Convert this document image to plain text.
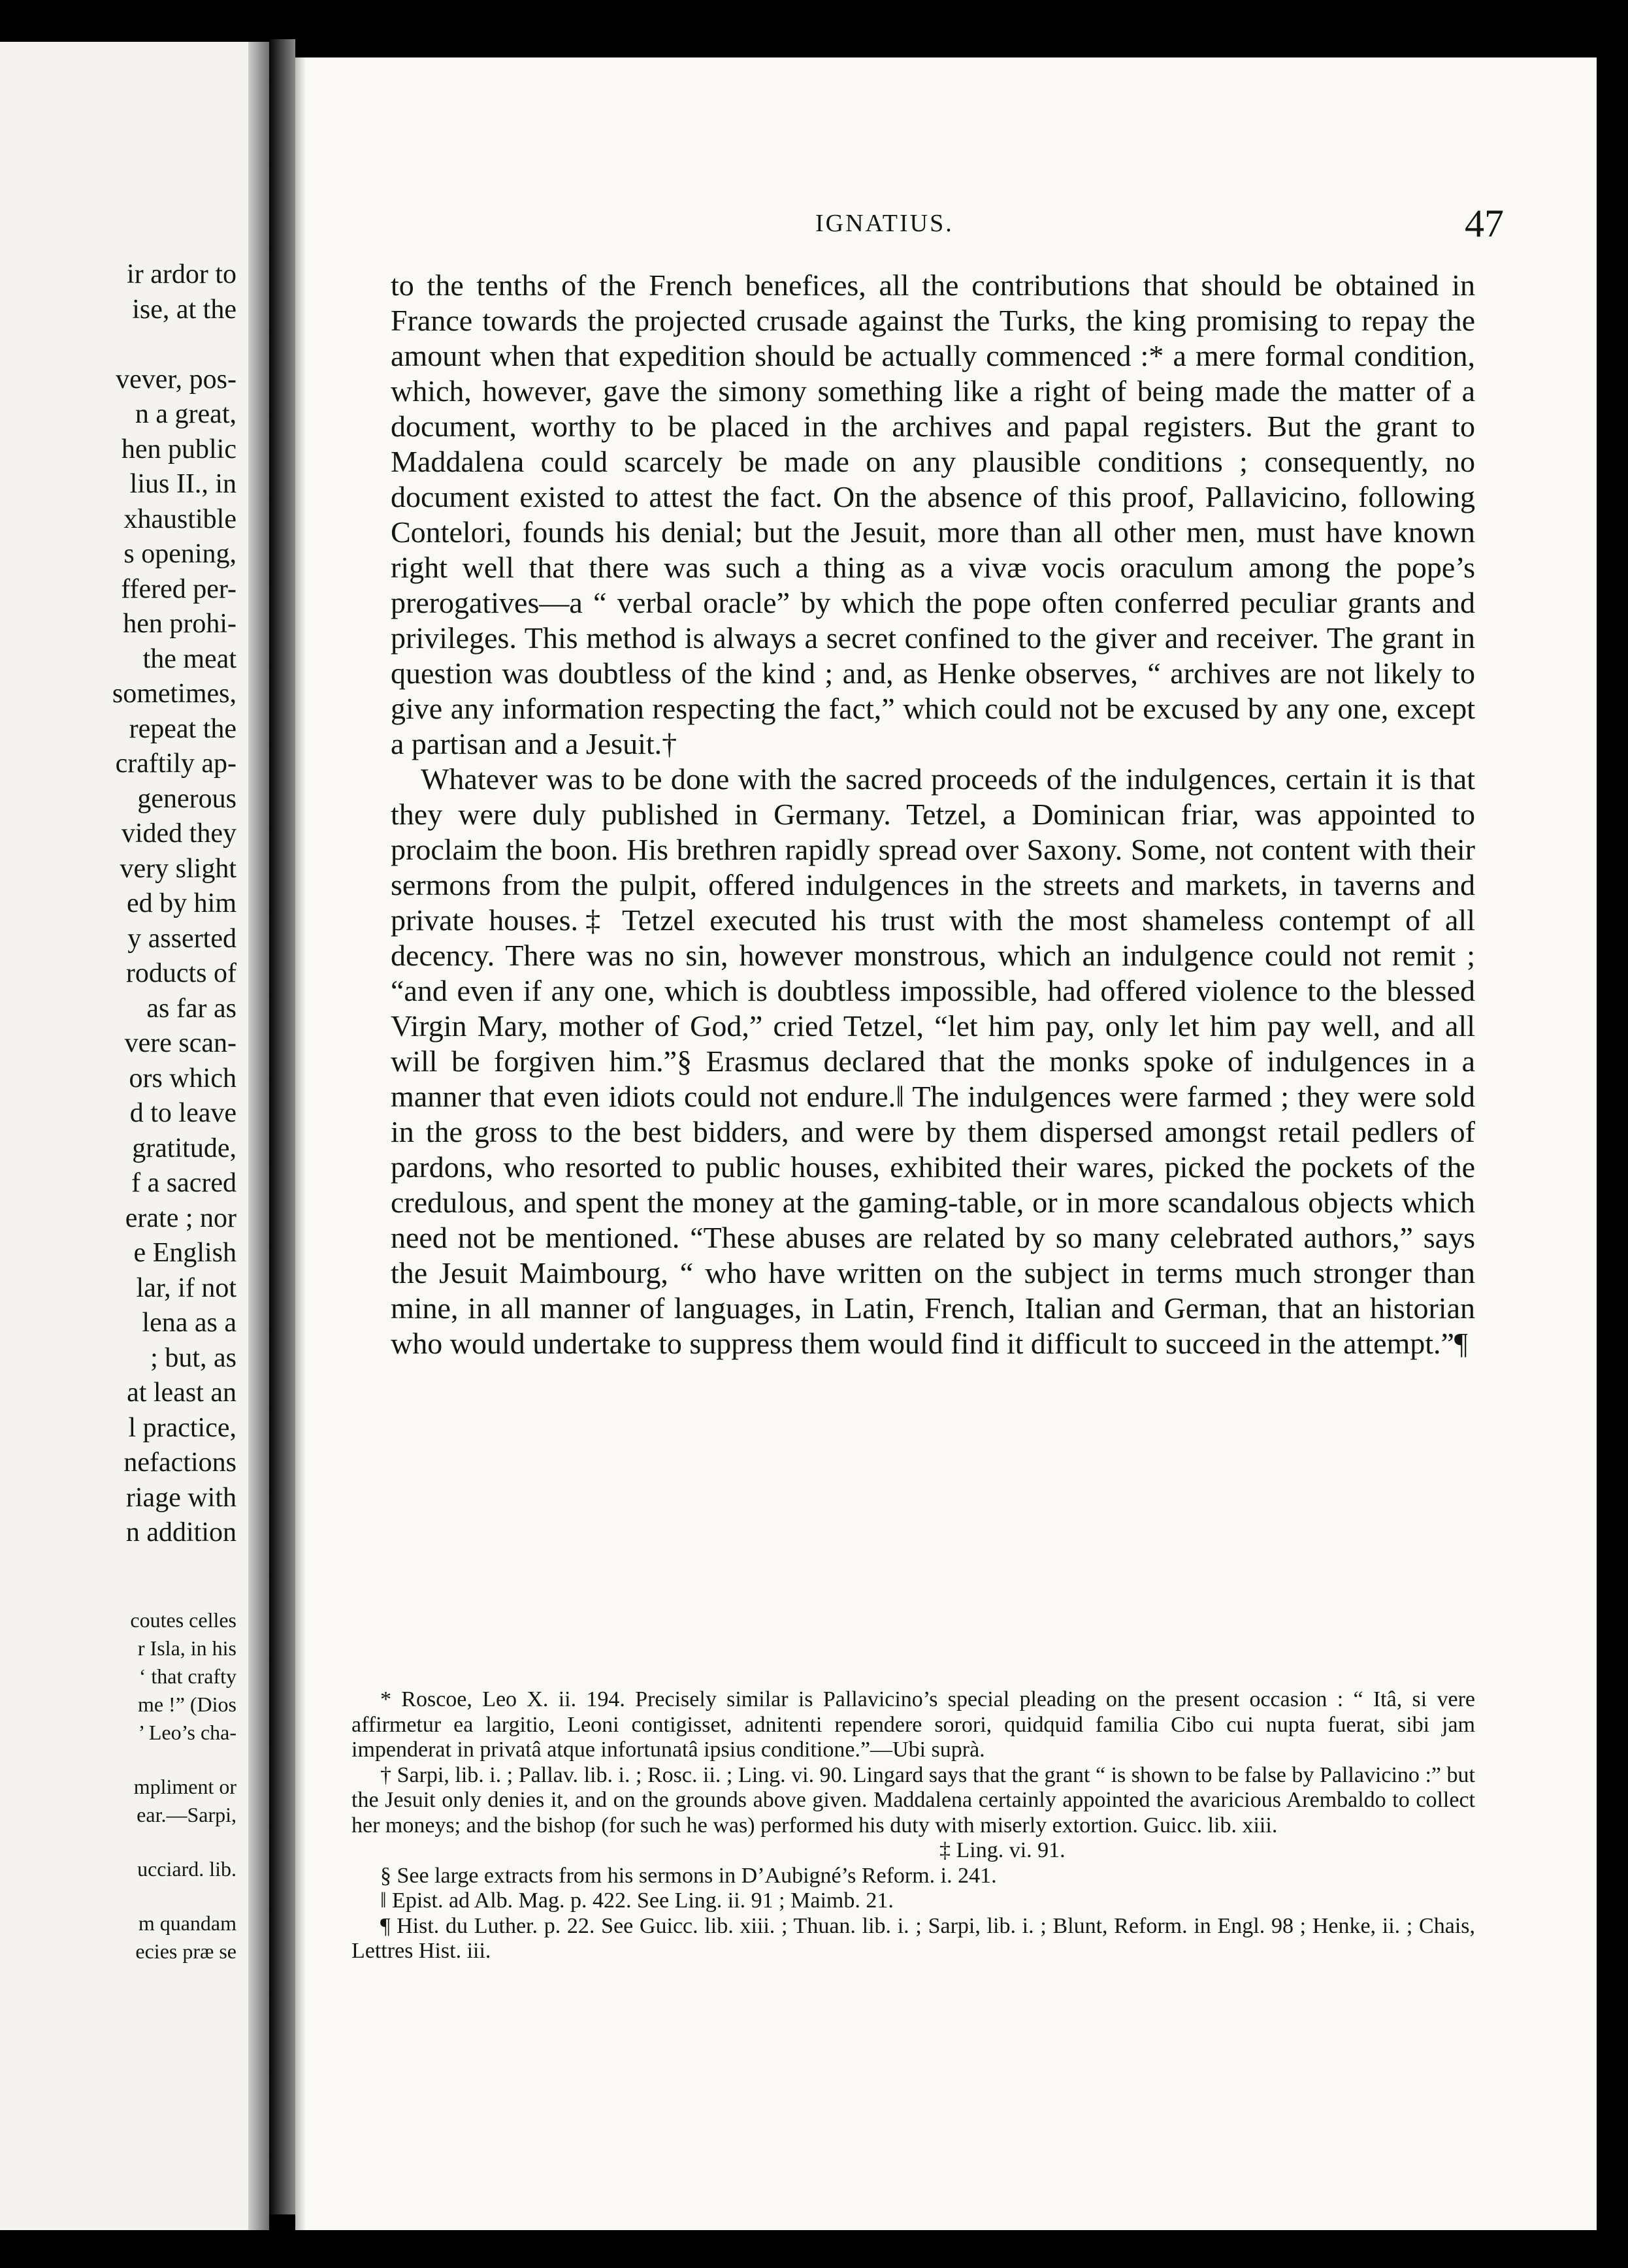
ir ardor to
ise, at the
vever, pos-
n a great,
hen public
lius II., in
xhaustible
s opening,
ffered per-
hen prohi-
the meat
sometimes,
repeat the
craftily ap-
generous
vided they
very slight
ed by him
y asserted
roducts of
as far as
vere scan-
ors which
d to leave
gratitude,
f a sacred
erate ; nor
e English
lar, if not
lena as a
; but, as
at least an
l practice,
nefactions
riage with
n addition
coutes celles
r Isla, in his
‘ that crafty
me !” (Dios
’ Leo’s cha-
mpliment or
ear.—Sarpi,
ucciard. lib.
m quandam
ecies præ se
IGNATIUS.	47

to the tenths of the French benefices, all the contributions that should be obtained in France towards the projected crusade against the Turks, the king promising to repay the amount when that expedition should be actually commenced :* a mere formal condition, which, however, gave the simony something like a right of being made the matter of a document, worthy to be placed in the archives and papal registers. But the grant to Maddalena could scarcely be made on any plausible conditions ; consequently, no document existed to attest the fact. On the absence of this proof, Pallavicino, following Contelori, founds his denial; but the Jesuit, more than all other men, must have known right well that there was such a thing as a vivæ vocis oraculum among the pope’s prerogatives—a “ verbal oracle” by which the pope often conferred peculiar grants and privileges. This method is always a secret confined to the giver and receiver. The grant in question was doubtless of the kind ; and, as Henke observes, “ archives are not likely to give any information respecting the fact,” which could not be excused by any one, except a partisan and a Jesuit.†

Whatever was to be done with the sacred proceeds of the indulgences, certain it is that they were duly published in Germany. Tetzel, a Dominican friar, was appointed to proclaim the boon. His brethren rapidly spread over Saxony. Some, not content with their sermons from the pulpit, offered indulgences in the streets and markets, in taverns and private houses.‡ Tetzel executed his trust with the most shameless contempt of all decency. There was no sin, however monstrous, which an indulgence could not remit ; “and even if any one, which is doubtless impossible, had offered violence to the blessed Virgin Mary, mother of God,” cried Tetzel, “let him pay, only let him pay well, and all will be forgiven him.”§ Erasmus declared that the monks spoke of indulgences in a manner that even idiots could not endure.‖ The indulgences were farmed ; they were sold in the gross to the best bidders, and were by them dispersed amongst retail pedlers of pardons, who resorted to public houses, exhibited their wares, picked the pockets of the credulous, and spent the money at the gaming-table, or in more scandalous objects which need not be mentioned. “These abuses are related by so many celebrated authors,” says the Jesuit Maimbourg, “ who have written on the subject in terms much stronger than mine, in all manner of languages, in Latin, French, Italian and German, that an historian who would undertake to suppress them would find it difficult to succeed in the attempt.”¶

* Roscoe, Leo X. ii. 194. Precisely similar is Pallavicino’s special pleading on the present occasion : “ Itâ, si vere affirmetur ea largitio, Leoni contigisset, adnitenti rependere sorori, quidquid familia Cibo cui nupta fuerat, sibi jam impenderat in privatâ atque infortunatâ ipsius conditione.”—Ubi suprà.

† Sarpi, lib. i. ; Pallav. lib. i. ; Rosc. ii. ; Ling. vi. 90. Lingard says that the grant “ is shown to be false by Pallavicino :” but the Jesuit only denies it, and on the grounds above given. Maddalena certainly appointed the avaricious Arembaldo to collect her moneys; and the bishop (for such he was) performed his duty with miserly extortion. Guicc. lib. xiii.

‡ Ling. vi. 91.

§ See large extracts from his sermons in D’Aubigné’s Reform. i. 241.

‖ Epist. ad Alb. Mag. p. 422. See Ling. ii. 91 ; Maimb. 21.

¶ Hist. du Luther. p. 22. See Guicc. lib. xiii. ; Thuan. lib. i. ; Sarpi, lib. i. ; Blunt, Reform. in Engl. 98 ; Henke, ii. ; Chais, Lettres Hist. iii.
